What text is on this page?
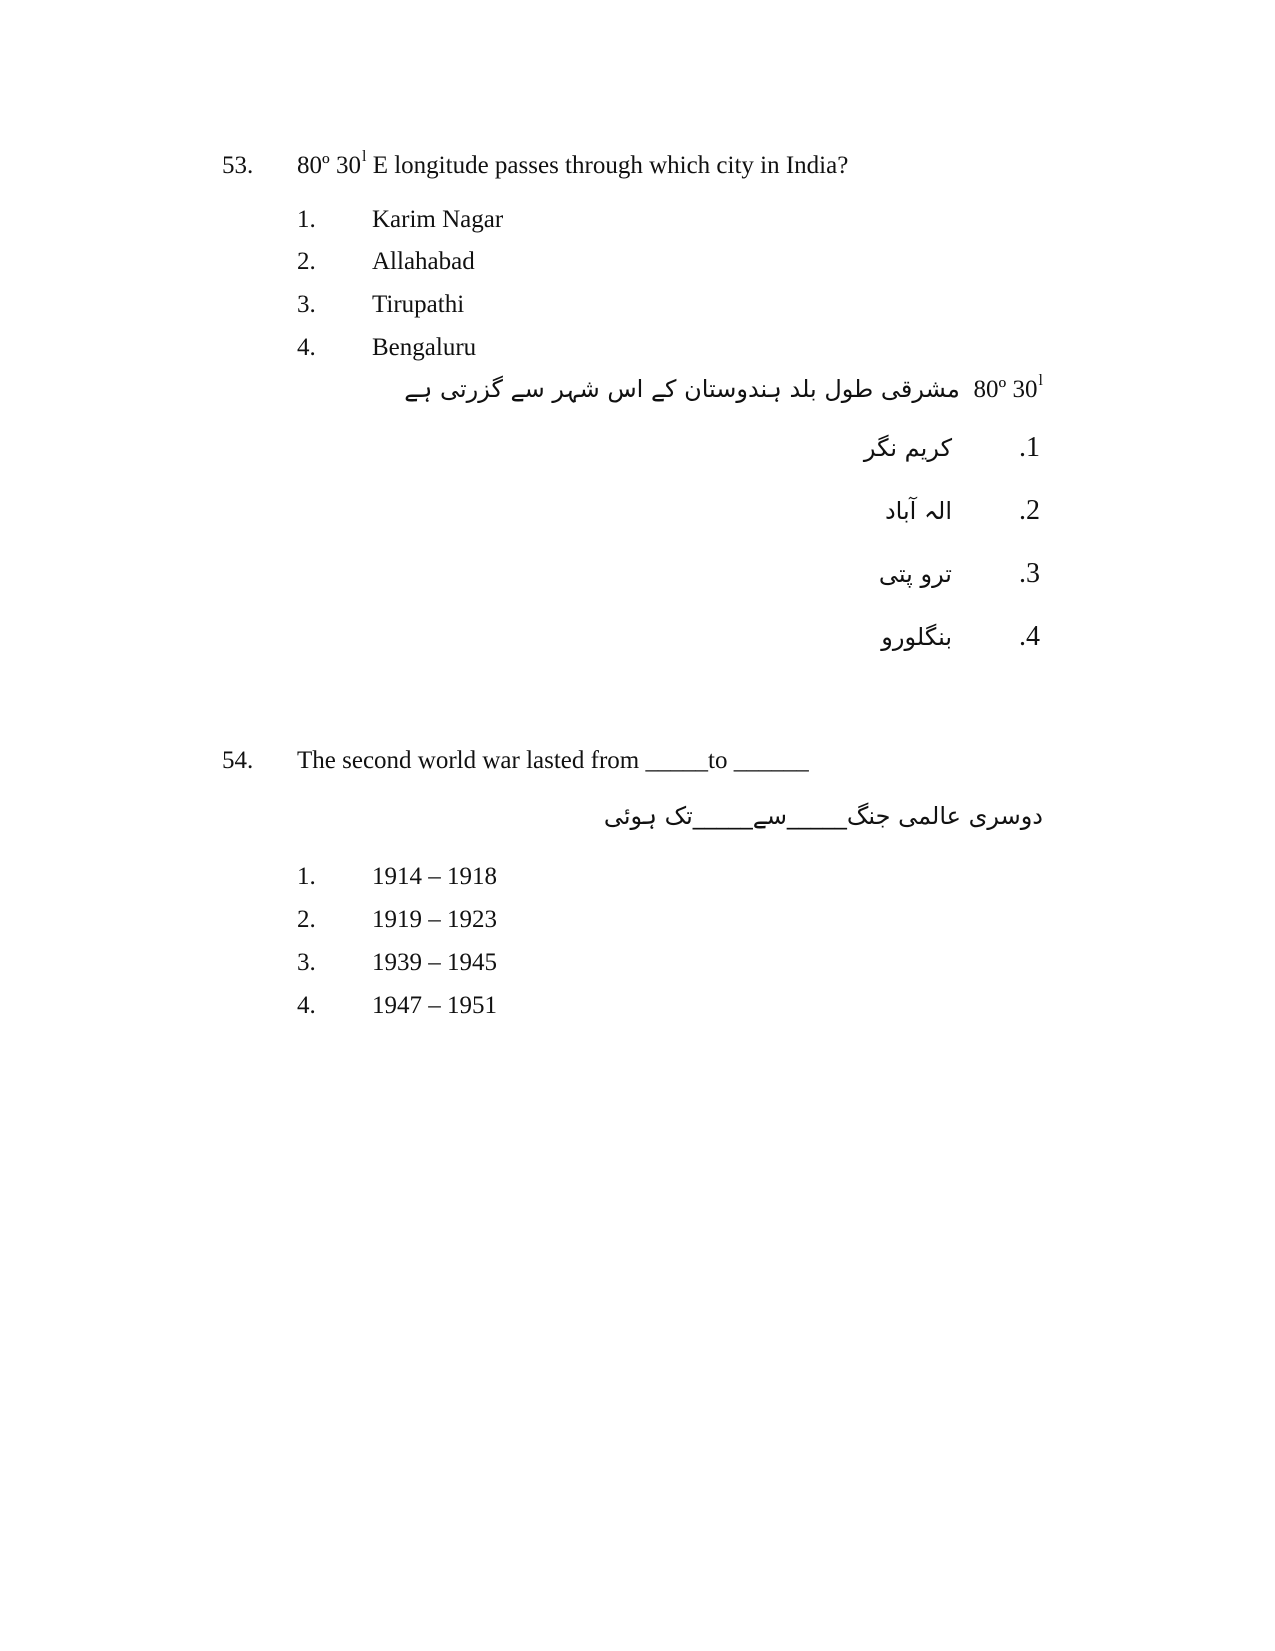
53. 80º 30$^l$ E longitude passes through which city in India?
1. Karim Nagar
2. Allahabad
3. Tirupathi
4. Bengaluru
مشرقی طول بلد ہندوستان کے اس شہر سے گزرتی ہے 80º 30$^l$
کریم نگر .1
الہ آباد .2
ترو پتی .3
بنگلورو .4
54. The second world war lasted from _____to ______
دوسری عالمی جنگ_____سے_____تک ہوئی
1. 1914 – 1918
2. 1919 – 1923
3. 1939 – 1945
4. 1947 – 1951
